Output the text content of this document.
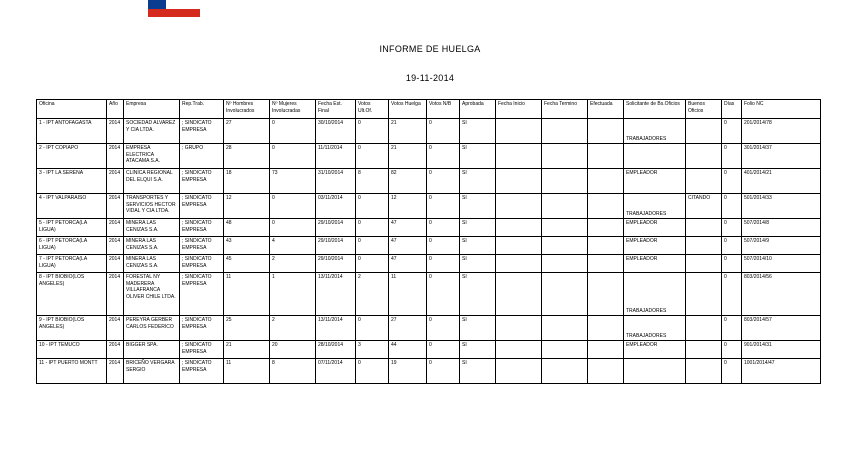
Gobierno de Chile
INFORME DE HUELGA
19-11-2014
Oficina	Año	Empresa	Rep.Trab.	Nº Hombres Involucrados	Nº Mujeres Involucradas	Fecha Est. Final	Votos Ult.Of.	Votos Huelga	Votos N/B	Aprobada	Fecha Inicio	Fecha Termino	Efectuada	Solicitante de Bs.Oficios	Buenos Oficios	Días	Folio NC
1 - IPT ANTOFAGASTA	2014	SOCIEDAD ALVAREZ Y CIA LTDA.	; SINDICATO EMPRESA	27	0	30/10/2014	0	21	0	SI				TRABAJADORES		0	201/2014/78
2 - IPT COPIAPO	2014	EMPRESA ELECTRICA ATACAMA S.A.	; GRUPO	28	0	11/11/2014	0	21	0	SI						0	301/2014/37
3 - IPT LA SERENA	2014	CLINICA REGIONAL DEL ELQUI S.A.	; SINDICATO EMPRESA	18	73	31/10/2014	8	82	0	SI				EMPLEADOR		0	401/2014/21
4 - IPT VALPARAISO	2014	TRANSPORTES Y SERVICIOS HECTOR VIDAL Y CIA LTDA.	; SINDICATO EMPRESA	12	0	03/11/2014	0	12	0	SI				TRABAJADORES	CITANDO	0	501/2014/33
5 - IPT PETORCA(LA LIGUA)	2014	MINERA LAS CENIZAS S.A.	; SINDICATO EMPRESA	48	0	29/10/2014	0	47	0	SI				EMPLEADOR		0	507/2014/8
6 - IPT PETORCA(LA LIGUA)	2014	MINERA LAS CENIZAS S.A.	; SINDICATO EMPRESA	43	4	29/10/2014	0	47	0	SI				EMPLEADOR		0	507/2014/9
7 - IPT PETORCA(LA LIGUA)	2014	MINERA LAS CENIZAS S.A.	; SINDICATO EMPRESA	45	2	29/10/2014	0	47	0	SI				EMPLEADOR		0	507/2014/10
8 - IPT BIOBIO(LOS ANGELES)	2014	FORESTAL NY MADERERA VILLAFRANCA OLIVER CHILE LTDA.	; SINDICATO EMPRESA	11	1	13/11/2014	2	11	0	SI				TRABAJADORES		0	803/2014/56
9 - IPT BIOBIO(LOS ANGELES)	2014	PEREYRA GERBER CARLOS FEDERICO	; SINDICATO EMPRESA	25	2	13/11/2014	0	27	0	SI				TRABAJADORES		0	803/2014/57
10 - IPT TEMUCO	2014	BIGGER SPA.	; SINDICATO EMPRESA	21	20	28/10/2014	3	44	0	SI				EMPLEADOR		0	901/2014/31
11 - IPT PUERTO MONTT	2014	BRICEÑO VERGARA SERGIO	; SINDICATO EMPRESA	11	8	07/11/2014	0	19	0	SI						0	1001/2014/47
